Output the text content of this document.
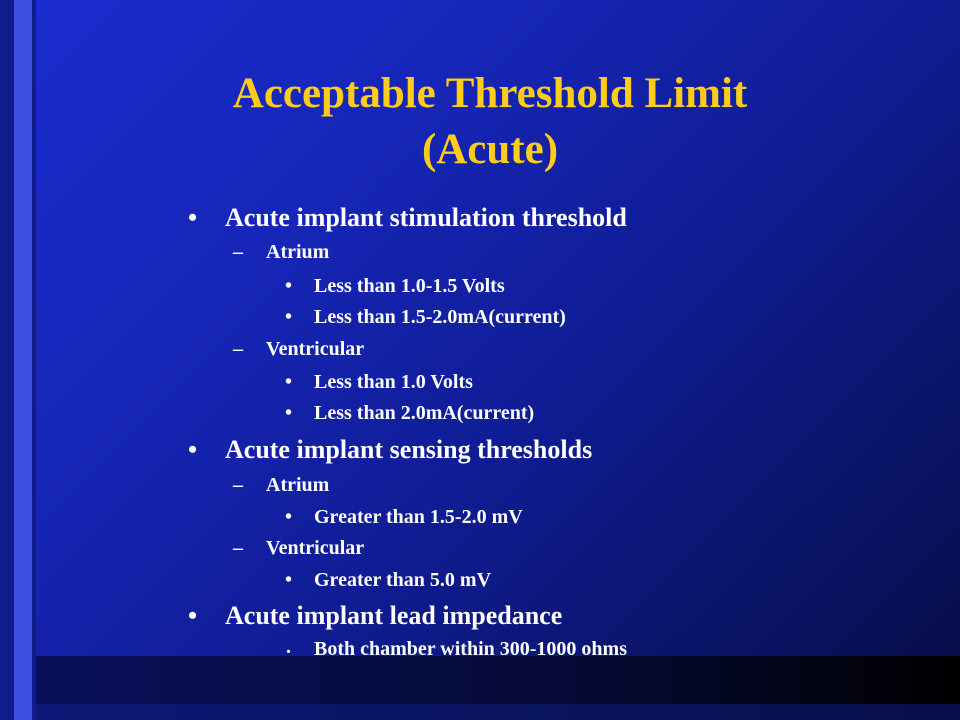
Acceptable Threshold Limit
(Acute)
• Acute implant stimulation threshold
– Atrium
• Less than 1.0-1.5 Volts
• Less than 1.5-2.0mA(current)
– Ventricular
• Less than 1.0 Volts
• Less than 2.0mA(current)
• Acute implant sensing thresholds
– Atrium
• Greater than 1.5-2.0 mV
– Ventricular
• Greater than 5.0 mV
• Acute implant lead impedance
. Both chamber within 300-1000 ohms
